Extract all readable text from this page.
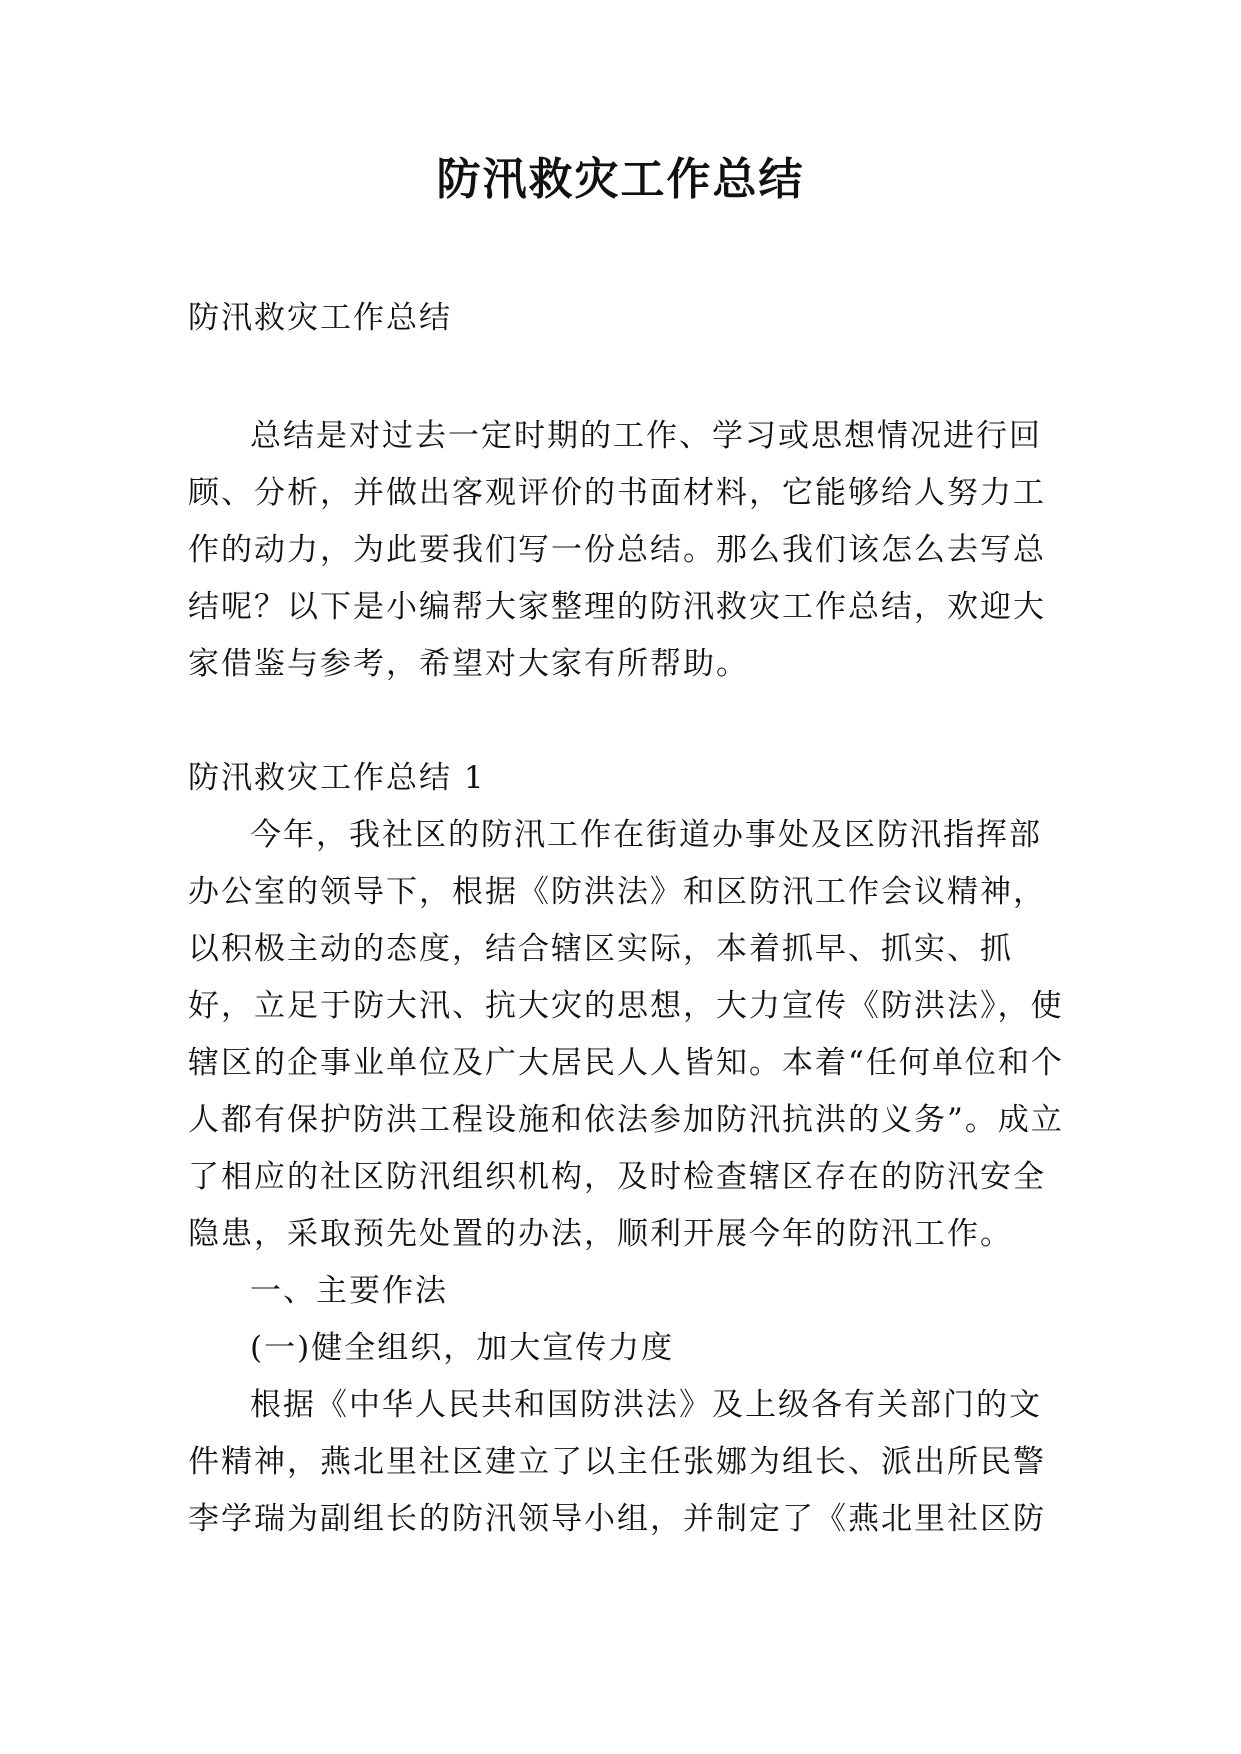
防汛救灾工作总结

防汛救灾工作总结

总结是对过去一定时期的工作、学习或思想情况进行回顾、分析，并做出客观评价的书面材料，它能够给人努力工作的动力，为此要我们写一份总结。那么我们该怎么去写总结呢？以下是小编帮大家整理的防汛救灾工作总结，欢迎大家借鉴与参考，希望对大家有所帮助。

防汛救灾工作总结 1

今年，我社区的防汛工作在街道办事处及区防汛指挥部办公室的领导下，根据《防洪法》和区防汛工作会议精神，以积极主动的态度，结合辖区实际，本着抓早、抓实、抓好，立足于防大汛、抗大灾的思想，大力宣传《防洪法》，使辖区的企事业单位及广大居民人人皆知。本着“任何单位和个人都有保护防洪工程设施和依法参加防汛抗洪的义务”。成立了相应的社区防汛组织机构，及时检查辖区存在的防汛安全隐患，采取预先处置的办法，顺利开展今年的防汛工作。

一、主要作法

(一)健全组织，加大宣传力度

根据《中华人民共和国防洪法》及上级各有关部门的文件精神，燕北里社区建立了以主任张娜为组长、派出所民警李学瑞为副组长的防汛领导小组，并制定了《燕北里社区防
